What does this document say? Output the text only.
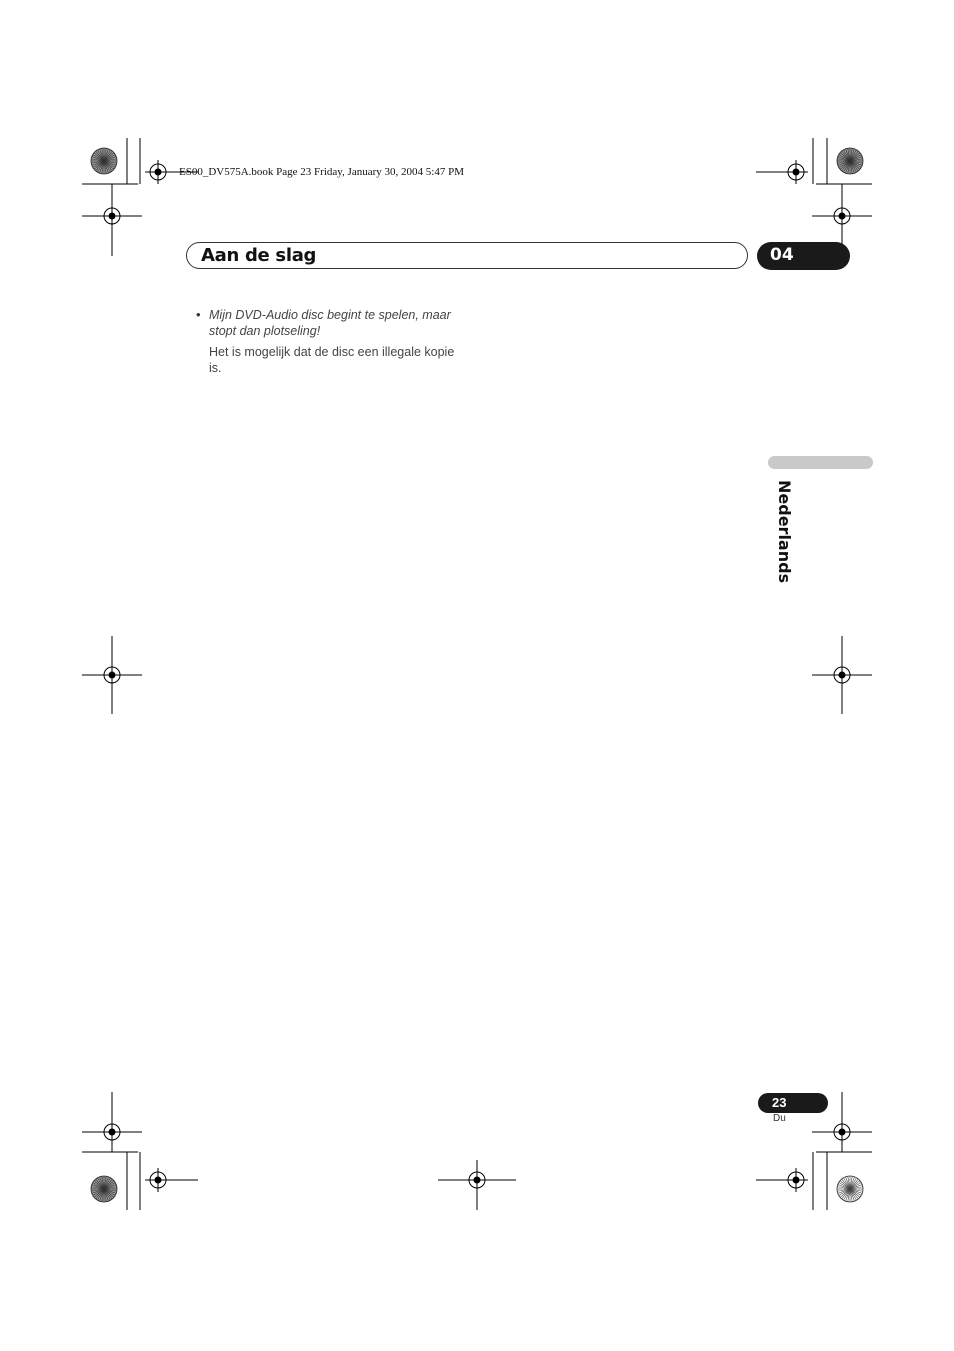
ES00_DV575A.book Page 23 Friday, January 30, 2004 5:47 PM
Aan de slag	04
• Mijn DVD-Audio disc begint te spelen, maar stopt dan plotseling!
Het is mogelijk dat de disc een illegale kopie is.
Nederlands
23
Du
